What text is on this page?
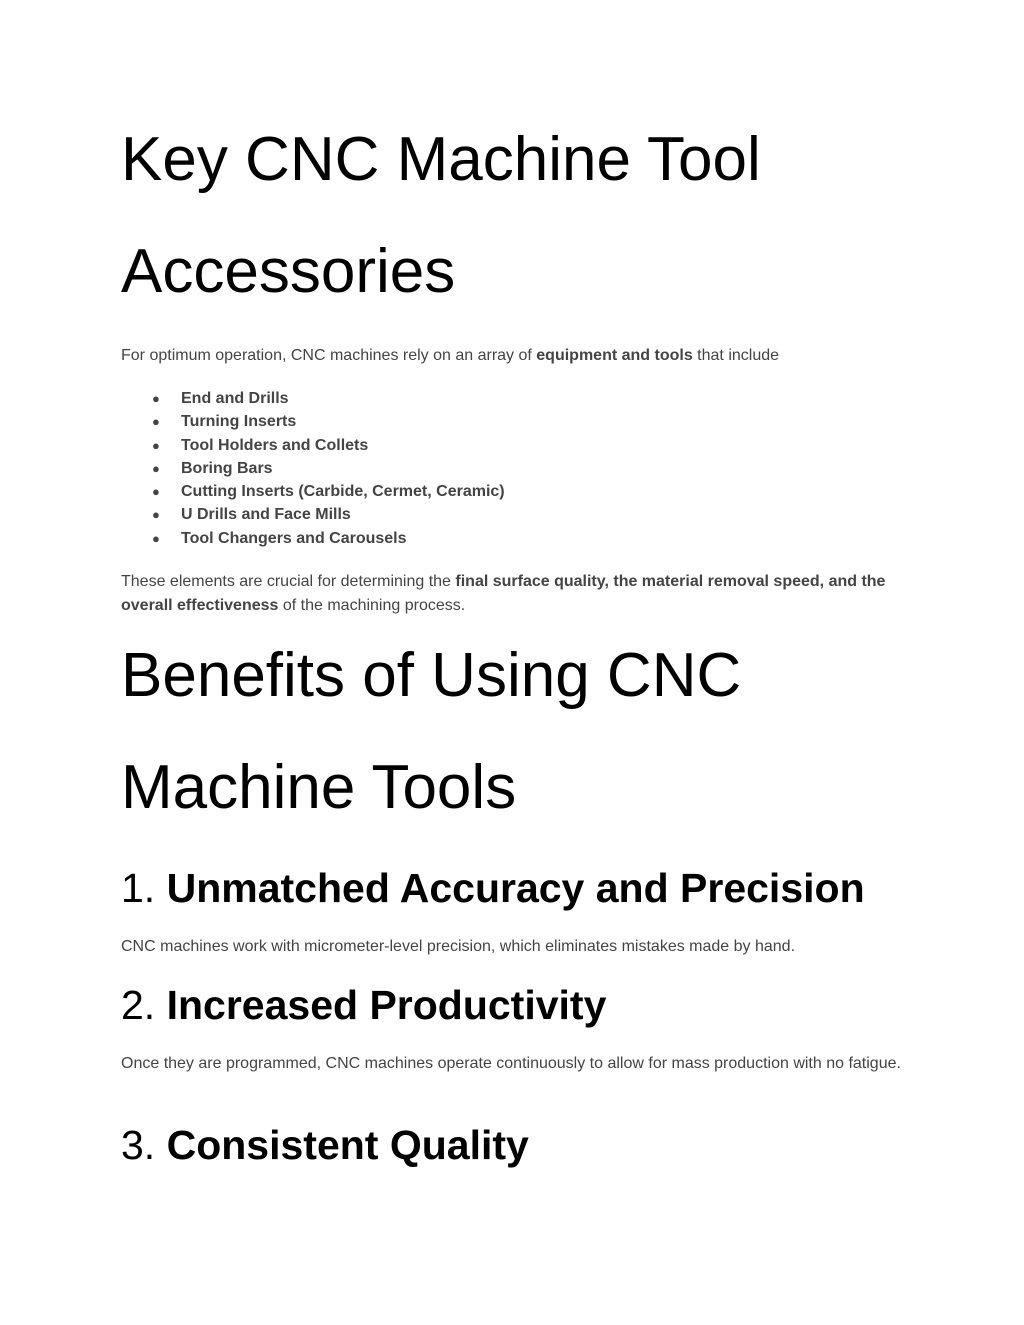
Key CNC Machine Tool
Accessories

For optimum operation, CNC machines rely on an array of equipment and tools that include

● End and Drills
● Turning Inserts
● Tool Holders and Collets
● Boring Bars
● Cutting Inserts (Carbide, Cermet, Ceramic)
● U Drills and Face Mills
● Tool Changers and Carousels

These elements are crucial for determining the final surface quality, the material removal speed, and the overall effectiveness of the machining process.

Benefits of Using CNC
Machine Tools
1. Unmatched Accuracy and Precision

CNC machines work with micrometer-level precision, which eliminates mistakes made by hand.

2. Increased Productivity

Once they are programmed, CNC machines operate continuously to allow for mass production with no fatigue.

3. Consistent Quality
